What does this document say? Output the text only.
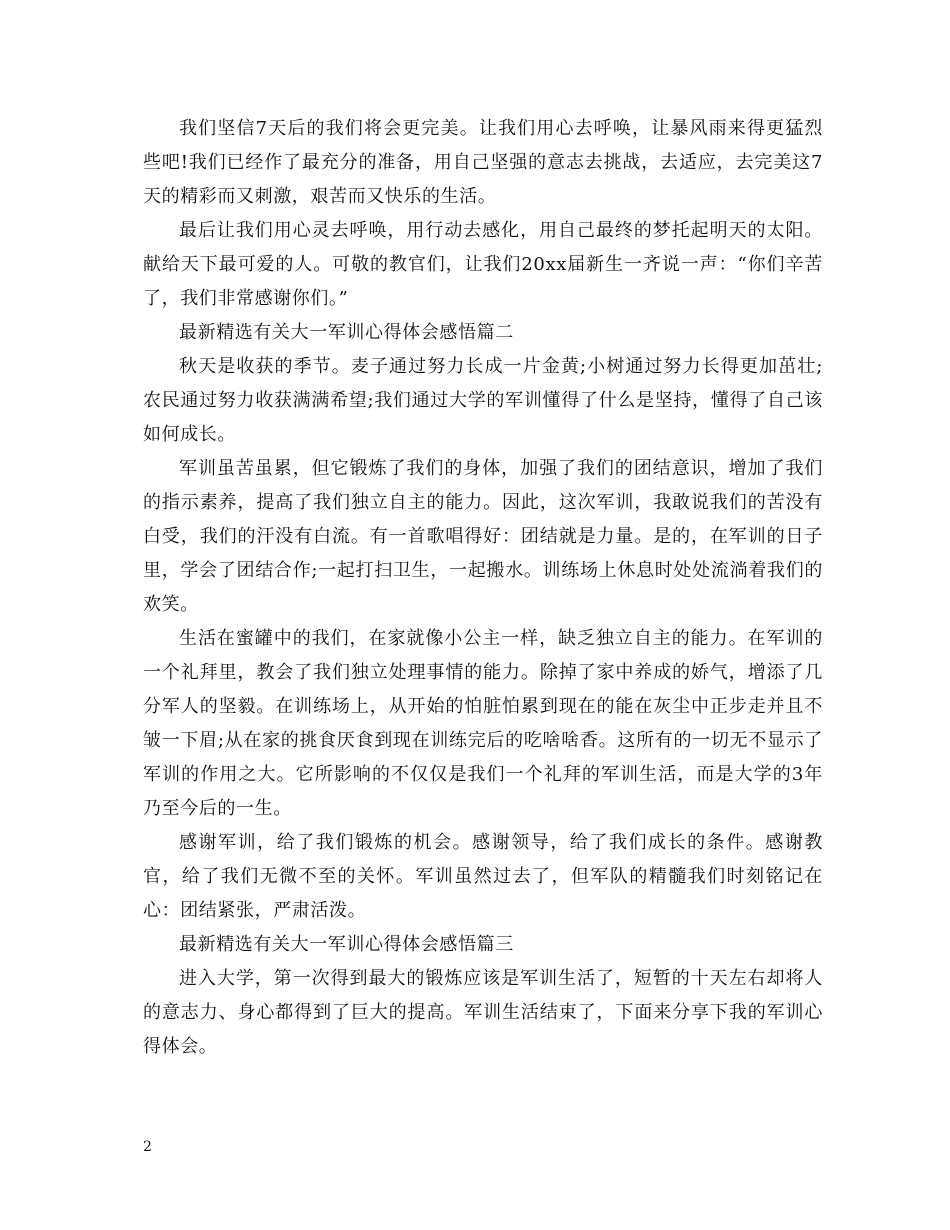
我们坚信7天后的我们将会更完美。让我们用心去呼唤，让暴风雨来得更猛烈些吧!我们已经作了最充分的准备，用自己坚强的意志去挑战，去适应，去完美这7天的精彩而又刺激，艰苦而又快乐的生活。

最后让我们用心灵去呼唤，用行动去感化，用自己最终的梦托起明天的太阳。献给天下最可爱的人。可敬的教官们，让我们20xx届新生一齐说一声：“你们辛苦了，我们非常感谢你们。”

最新精选有关大一军训心得体会感悟篇二

秋天是收获的季节。麦子通过努力长成一片金黄;小树通过努力长得更加茁壮;农民通过努力收获满满希望;我们通过大学的军训懂得了什么是坚持，懂得了自己该如何成长。

军训虽苦虽累，但它锻炼了我们的身体，加强了我们的团结意识，增加了我们的指示素养，提高了我们独立自主的能力。因此，这次军训，我敢说我们的苦没有白受，我们的汗没有白流。有一首歌唱得好：团结就是力量。是的，在军训的日子里，学会了团结合作;一起打扫卫生，一起搬水。训练场上休息时处处流淌着我们的欢笑。

生活在蜜罐中的我们，在家就像小公主一样，缺乏独立自主的能力。在军训的一个礼拜里，教会了我们独立处理事情的能力。除掉了家中养成的娇气，增添了几分军人的坚毅。在训练场上，从开始的怕脏怕累到现在的能在灰尘中正步走并且不皱一下眉;从在家的挑食厌食到现在训练完后的吃啥啥香。这所有的一切无不显示了军训的作用之大。它所影响的不仅仅是我们一个礼拜的军训生活，而是大学的3年乃至今后的一生。

感谢军训，给了我们锻炼的机会。感谢领导，给了我们成长的条件。感谢教官，给了我们无微不至的关怀。军训虽然过去了，但军队的精髓我们时刻铭记在心：团结紧张，严肃活泼。

最新精选有关大一军训心得体会感悟篇三

进入大学，第一次得到最大的锻炼应该是军训生活了，短暂的十天左右却将人的意志力、身心都得到了巨大的提高。军训生活结束了，下面来分享下我的军训心得体会。

2
